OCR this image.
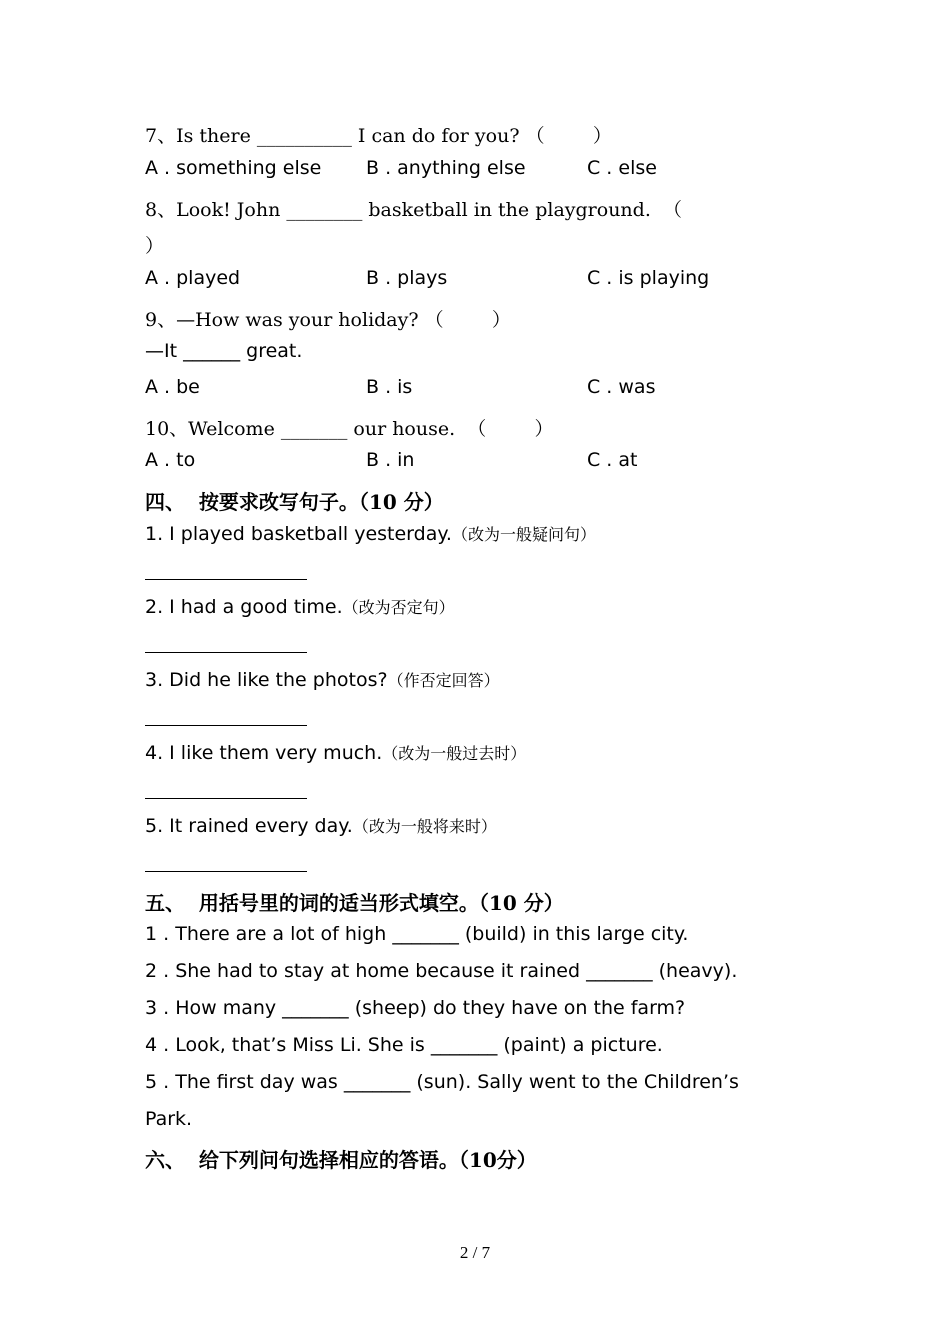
7、Is there __________ I can do for you? （        ）
A . something else B . anything else	C . else
8、Look! John ________ basketball in the playground.  （
）
A . played	B . plays	C . is playing
9、—How was your holiday? （        ）
—It ______ great.
A . be	B . is	C . was
10、Welcome _______ our house.  （        ）
A . to	B . in	C . at
四、  按要求改写句子。（10 分）
1. I played basketball yesterday.（改为一般疑问句）
2. I had a good time.（改为否定句）
3. Did he like the photos?（作否定回答）
4. I like them very much.（改为一般过去时）
5. It rained every day.（改为一般将来时）
五、  用括号里的词的适当形式填空。（10 分）
1 . There are a lot of high _______ (build) in this large city.
2 . She had to stay at home because it rained _______ (heavy).
3 . How many _______ (sheep) do they have on the farm?
4 . Look, that’s Miss Li. She is _______ (paint) a picture.
5 . The first day was _______ (sun). Sally went to the Children’s
Park.
六、  给下列问句选择相应的答语。（10分）
2 / 7
